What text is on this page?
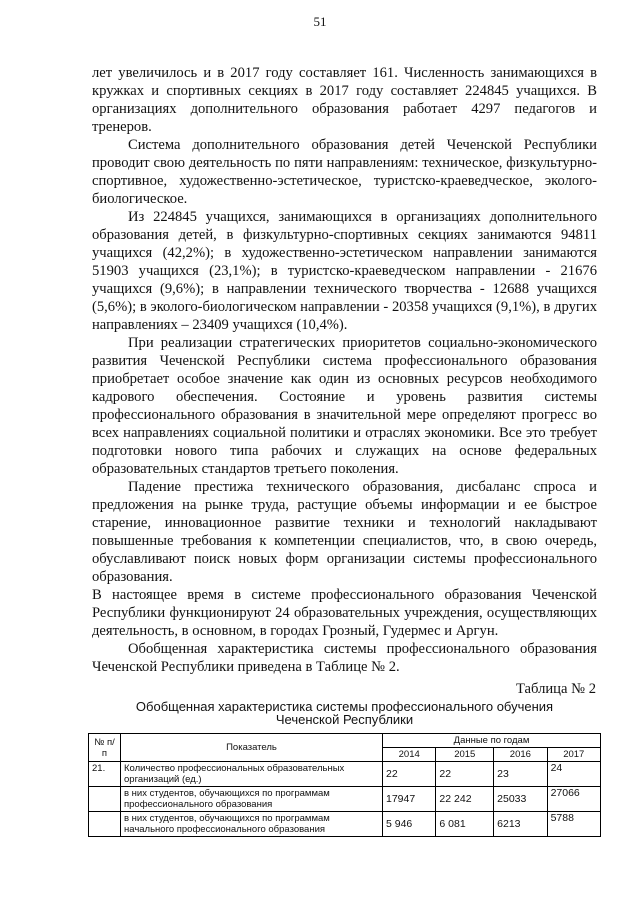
51

лет увеличилось и в 2017 году составляет 161. Численность занимающихся в кружках и спортивных секциях в 2017 году составляет 224845 учащихся. В организациях дополнительного образования работает 4297 педагогов и тренеров.

Система дополнительного образования детей Чеченской Республики проводит свою деятельность по пяти направлениям: техническое, физкультурно-спортивное, художественно-эстетическое, туристско-краеведческое, эколого-биологическое.

Из 224845 учащихся, занимающихся в организациях дополнительного образования детей, в физкультурно-спортивных секциях занимаются 94811 учащихся (42,2%); в художественно-эстетическом направлении занимаются 51903 учащихся (23,1%); в туристско-краеведческом направлении - 21676 учащихся (9,6%); в направлении технического творчества - 12688 учащихся (5,6%); в эколого-биологическом направлении - 20358 учащихся (9,1%), в других направлениях – 23409 учащихся (10,4%).

При реализации стратегических приоритетов социально-экономического развития Чеченской Республики система профессионального образования приобретает особое значение как один из основных ресурсов необходимого кадрового обеспечения. Состояние и уровень развития системы профессионального образования в значительной мере определяют прогресс во всех направлениях социальной политики и отраслях экономики. Все это требует подготовки нового типа рабочих и служащих на основе федеральных образовательных стандартов третьего поколения.

Падение престижа технического образования, дисбаланс спроса и предложения на рынке труда, растущие объемы информации и ее быстрое старение, инновационное развитие техники и технологий накладывают повышенные требования к компетенции специалистов, что, в свою очередь, обуславливают поиск новых форм организации системы профессионального образования.

В настоящее время в системе профессионального образования Чеченской Республики функционируют 24 образовательных учреждения, осуществляющих деятельность, в основном, в городах Грозный, Гудермес и Аргун.

Обобщенная характеристика системы профессионального образования Чеченской Республики приведена в Таблице № 2.

Таблица № 2
Обобщенная характеристика системы профессионального обучения
Чеченской Республики
№ п/п	Показатель	Данные по годам			
		2014	2015	2016	2017
21.	Количество профессиональных образовательных организаций (ед.)	22	22	23	24
	в них студентов, обучающихся по программам профессионального образования	17947	22 242	25033	27066
	в них студентов, обучающихся по программам начального профессионального образования	5 946	6 081	6213	5788
